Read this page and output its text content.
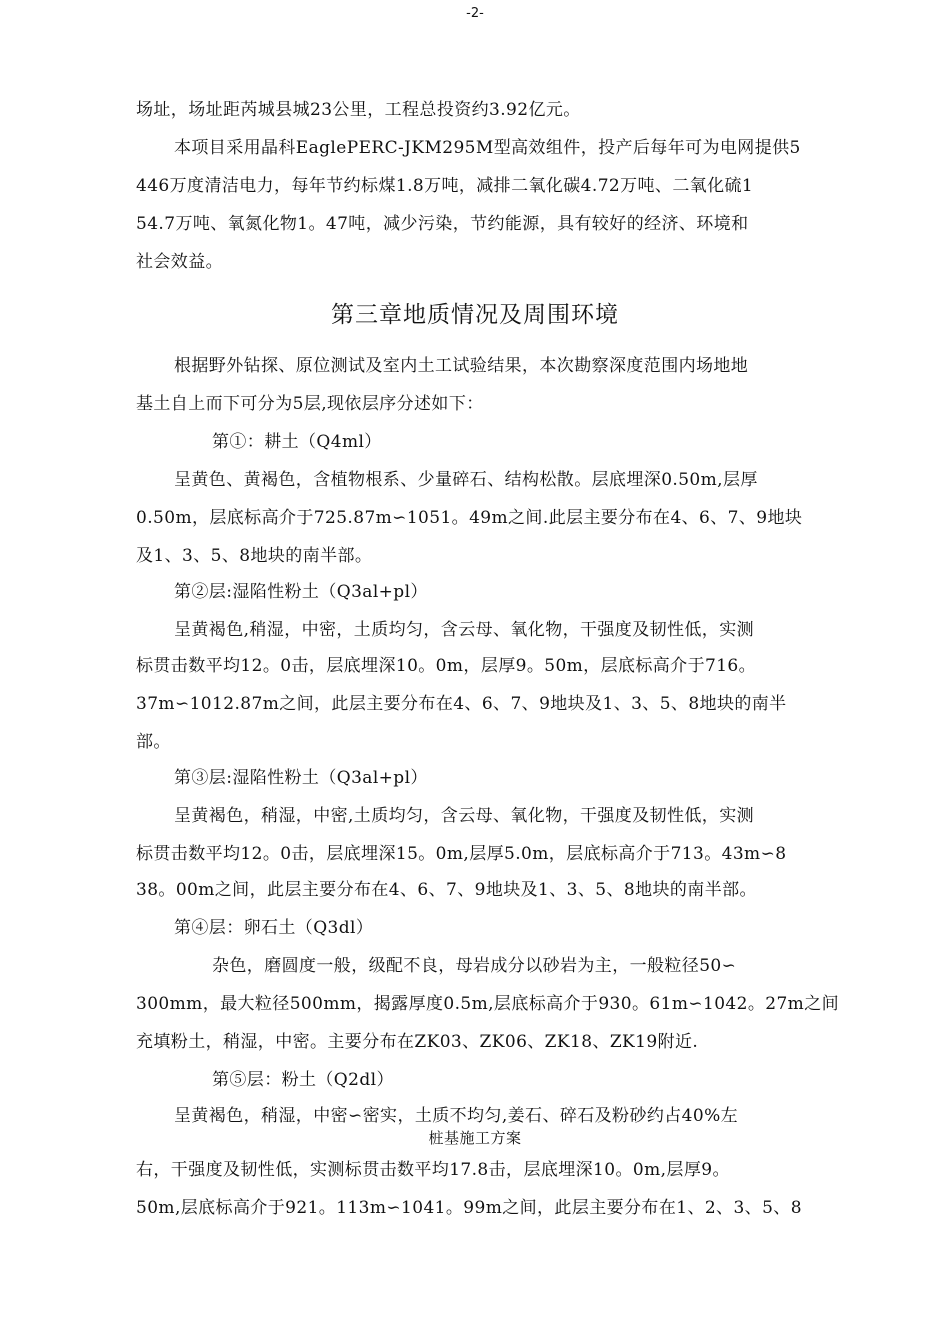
-2-
场址，场址距芮城县城23公里，工程总投资约3.92亿元。
本项目采用晶科EaglePERC-JKM295M型高效组件，投产后每年可为电网提供5
446万度清洁电力，每年节约标煤1.8万吨，减排二氧化碳4.72万吨、二氧化硫1
54.7万吨、氧氮化物1。47吨，减少污染，节约能源，具有较好的经济、环境和
社会效益。
第三章地质情况及周围环境
根据野外钻探、原位测试及室内土工试验结果，本次勘察深度范围内场地地
基土自上而下可分为5层,现依层序分述如下：
第①：耕土（Q4ml）
呈黄色、黄褐色，含植物根系、少量碎石、结构松散。层底埋深0.50m,层厚
0.50m，层底标高介于725.87m∽1051。49m之间.此层主要分布在4、6、7、9地块
及1、3、5、8地块的南半部。
第②层:湿陷性粉土（Q3al+pl）
呈黄褐色,稍湿，中密，土质均匀，含云母、氧化物，干强度及韧性低，实测
标贯击数平均12。0击，层底埋深10。0m，层厚9。50m，层底标高介于716。
37m∽1012.87m之间，此层主要分布在4、6、7、9地块及1、3、5、8地块的南半
部。
第③层:湿陷性粉土（Q3al+pl）
呈黄褐色，稍湿，中密,土质均匀，含云母、氧化物，干强度及韧性低，实测
标贯击数平均12。0击，层底埋深15。0m,层厚5.0m，层底标高介于713。43m∽8
38。00m之间，此层主要分布在4、6、7、9地块及1、3、5、8地块的南半部。
第④层：卵石土（Q3dl）
杂色，磨圆度一般，级配不良，母岩成分以砂岩为主，一般粒径50∽
300mm，最大粒径500mm，揭露厚度0.5m,层底标高介于930。61m∽1042。27m之间
充填粉土，稍湿，中密。主要分布在ZK03、ZK06、ZK18、ZK19附近.
第⑤层：粉土（Q2dl）
呈黄褐色，稍湿，中密∽密实，土质不均匀,姜石、碎石及粉砂约占40%左
桩基施工方案
右，干强度及韧性低，实测标贯击数平均17.8击，层底埋深10。0m,层厚9。
50m,层底标高介于921。113m∽1041。99m之间，此层主要分布在1、2、3、5、8
